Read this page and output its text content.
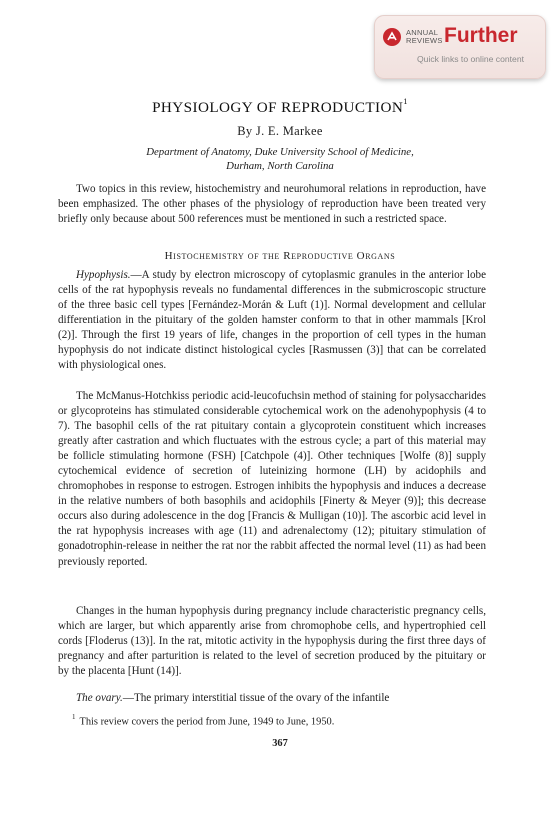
ANNUAL
REVIEWS Further
Quick links to online content
PHYSIOLOGY OF REPRODUCTION$^1$
By J. E. Markee
Department of Anatomy, Duke University School of Medicine,
Durham, North Carolina

Two topics in this review, histochemistry and neurohumoral relations in reproduction, have been emphasized. The other phases of the physiology of reproduction have been treated very briefly only because about 500 references must be mentioned in such a restricted space.

Histochemistry of the Reproductive Organs

Hypophysis.—A study by electron microscopy of cytoplasmic granules in the anterior lobe cells of the rat hypophysis reveals no fundamental differences in the submicroscopic structure of the three basic cell types [Fernández-Morán & Luft (1)]. Normal development and cellular differentiation in the pituitary of the golden hamster conform to that in other mammals [Krol (2)]. Through the first 19 years of life, changes in the proportion of cell types in the human hypophysis do not indicate distinct histological cycles [Rasmussen (3)] that can be correlated with physiological ones.

The McManus-Hotchkiss periodic acid-leucofuchsin method of staining for polysaccharides or glycoproteins has stimulated considerable cytochemical work on the adenohypophysis (4 to 7). The basophil cells of the rat pituitary contain a glycoprotein constituent which increases greatly after castration and which fluctuates with the estrous cycle; a part of this material may be follicle stimulating hormone (FSH) [Catchpole (4)]. Other techniques [Wolfe (8)] supply cytochemical evidence of secretion of luteinizing hormone (LH) by acidophils and chromophobes in response to estrogen. Estrogen inhibits the hypophysis and induces a decrease in the relative numbers of both basophils and acidophils [Finerty & Meyer (9)]; this decrease occurs also during adolescence in the dog [Francis & Mulligan (10)]. The ascorbic acid level in the rat hypophysis increases with age (11) and adrenalectomy (12); pituitary stimulation of gonadotrophin-release in neither the rat nor the rabbit affected the normal level (11) as had been previously reported.

Changes in the human hypophysis during pregnancy include characteristic pregnancy cells, which are larger, but which apparently arise from chromophobe cells, and hypertrophied cell cords [Floderus (13)]. In the rat, mitotic activity in the hypophysis during the first three days of pregnancy and after parturition is related to the level of secretion produced by the pituitary or by the placenta [Hunt (14)].

The ovary.—The primary interstitial tissue of the ovary of the infantile

$^1$ This review covers the period from June, 1949 to June, 1950.
367
